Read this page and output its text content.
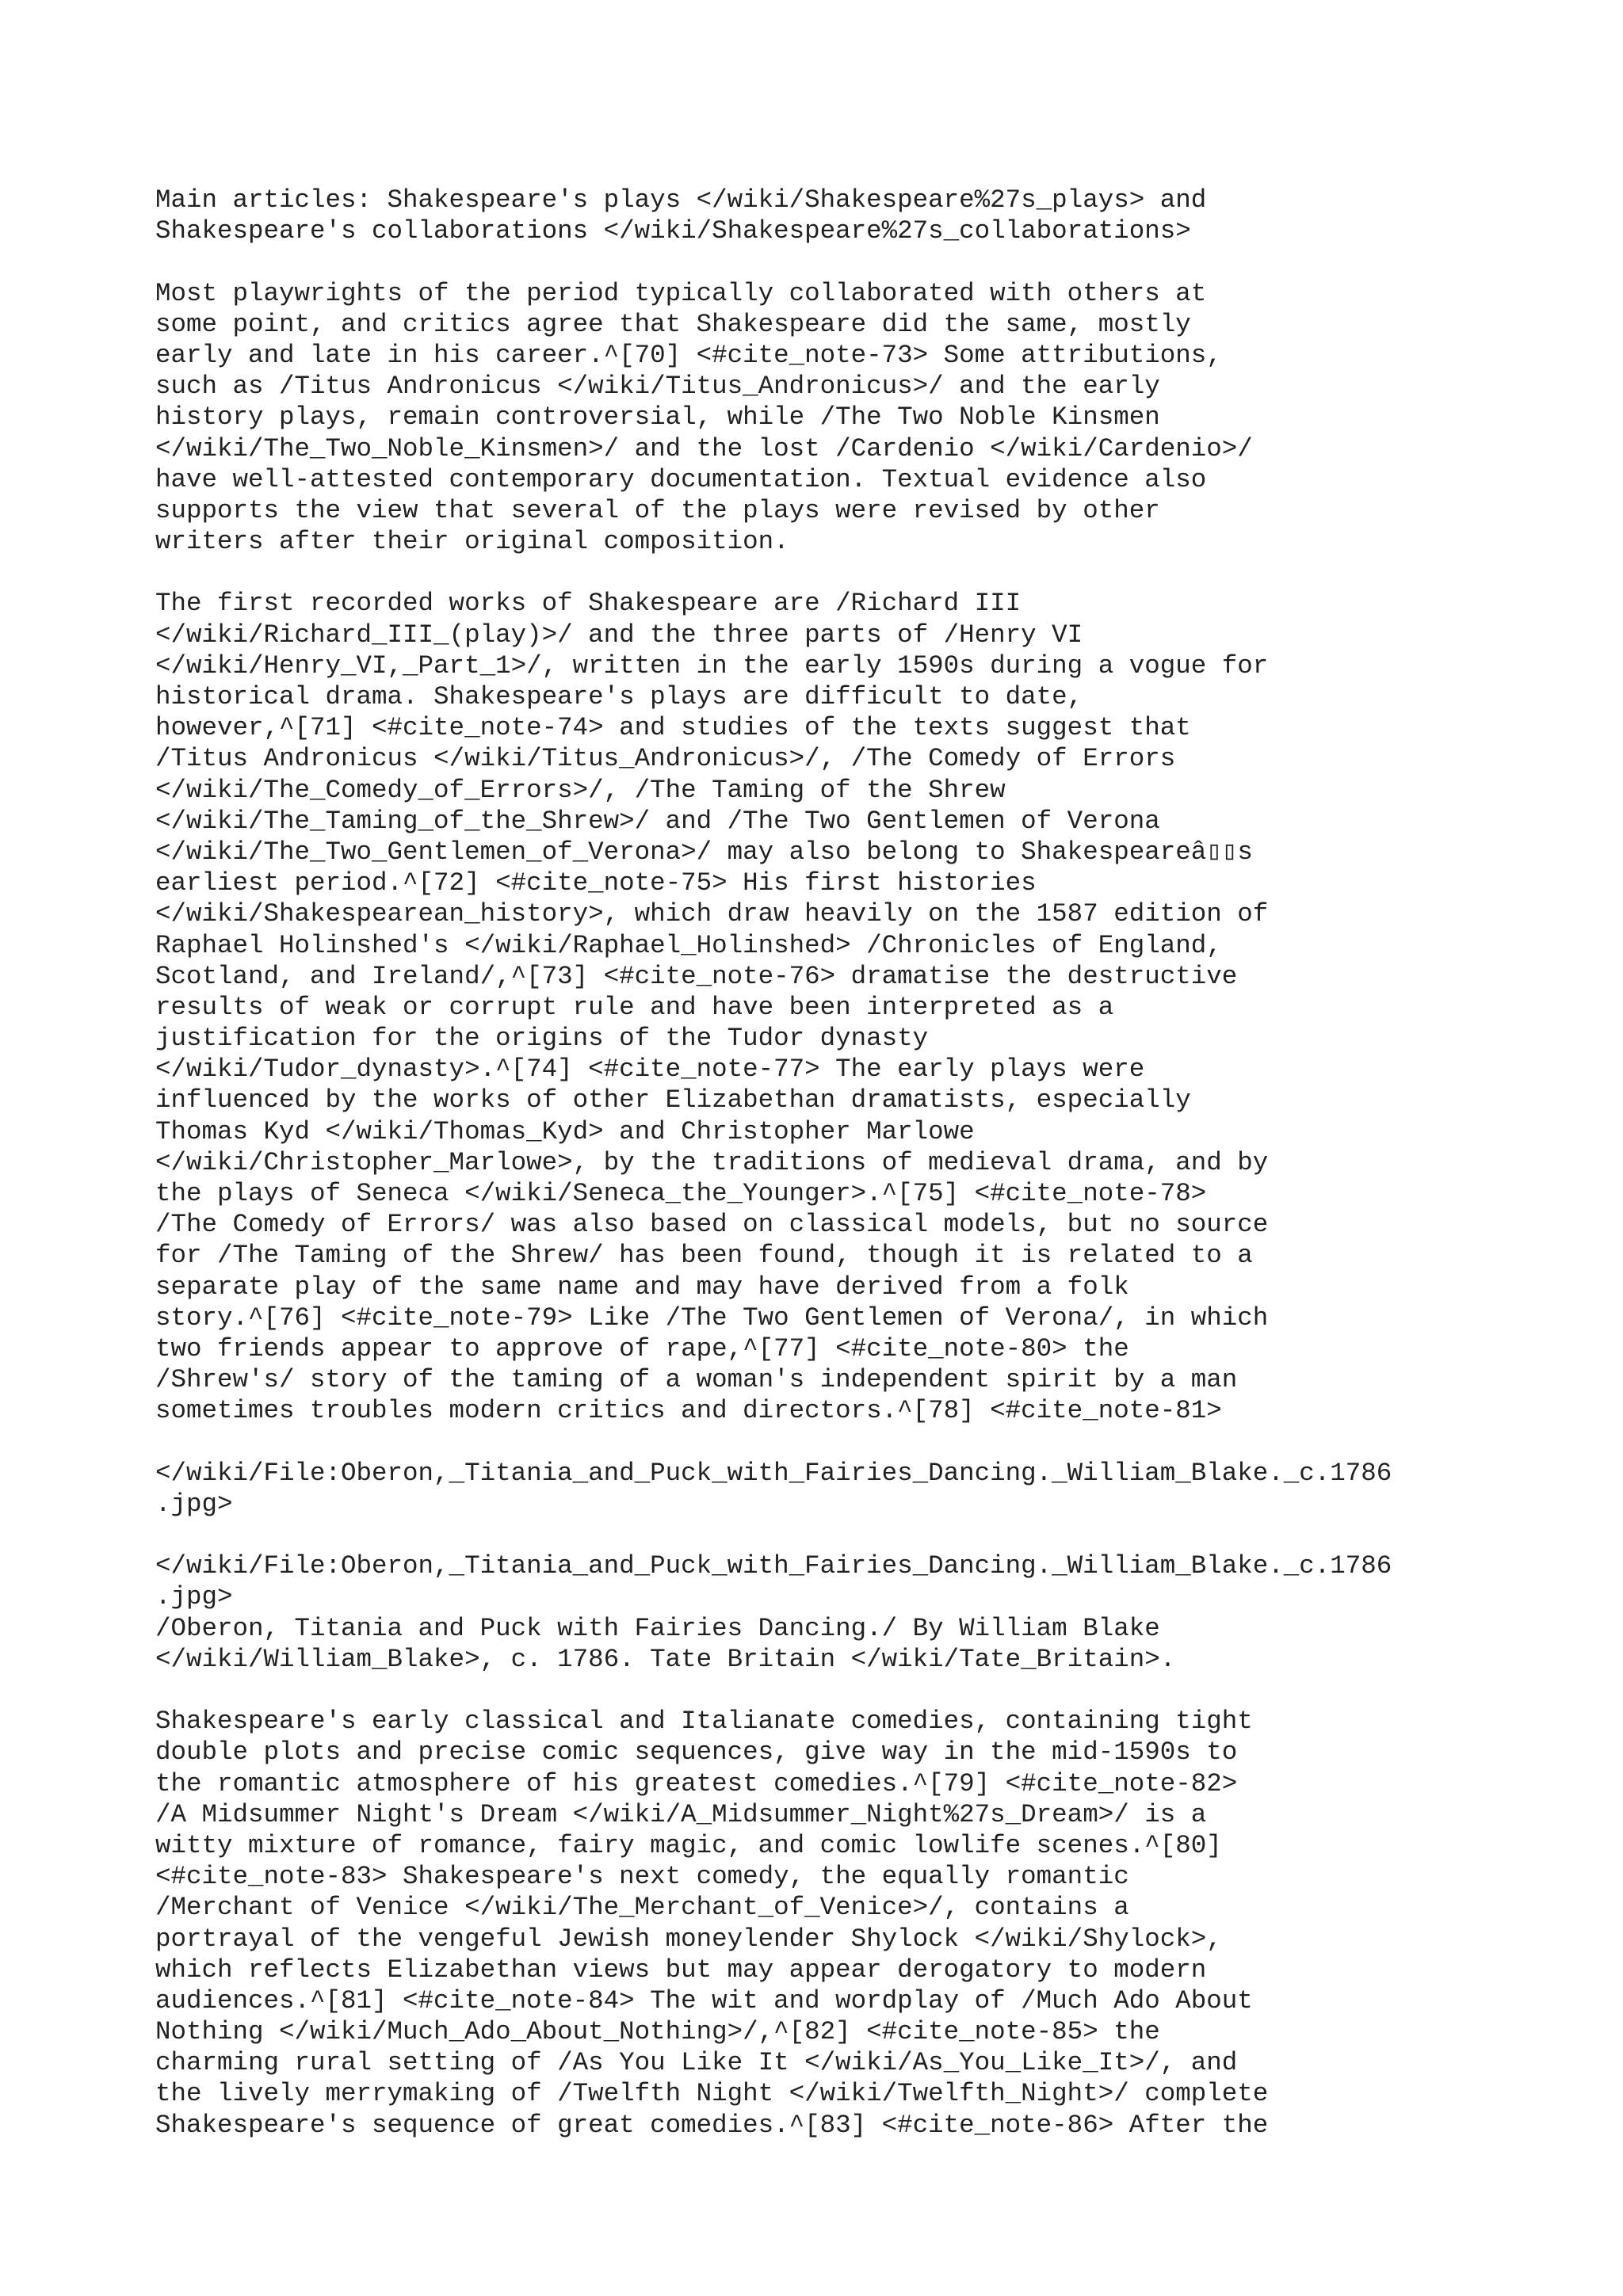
Main articles: Shakespeare's plays </wiki/Shakespeare%27s_plays> and
Shakespeare's collaborations </wiki/Shakespeare%27s_collaborations>
Most playwrights of the period typically collaborated with others at
some point, and critics agree that Shakespeare did the same, mostly
early and late in his career.^[70] <#cite_note-73> Some attributions,
such as /Titus Andronicus </wiki/Titus_Andronicus>/ and the early
history plays, remain controversial, while /The Two Noble Kinsmen
</wiki/The_Two_Noble_Kinsmen>/ and the lost /Cardenio </wiki/Cardenio>/
have well-attested contemporary documentation. Textual evidence also
supports the view that several of the plays were revised by other
writers after their original composition.
The first recorded works of Shakespeare are /Richard III
</wiki/Richard_III_(play)>/ and the three parts of /Henry VI
</wiki/Henry_VI,_Part_1>/, written in the early 1590s during a vogue for
historical drama. Shakespeare's plays are difficult to date,
however,^[71] <#cite_note-74> and studies of the texts suggest that
/Titus Andronicus </wiki/Titus_Andronicus>/, /The Comedy of Errors
</wiki/The_Comedy_of_Errors>/, /The Taming of the Shrew
</wiki/The_Taming_of_the_Shrew>/ and /The Two Gentlemen of Verona
</wiki/The_Two_Gentlemen_of_Verona>/ may also belong to Shakespeareâ▯▯s
earliest period.^[72] <#cite_note-75> His first histories
</wiki/Shakespearean_history>, which draw heavily on the 1587 edition of
Raphael Holinshed's </wiki/Raphael_Holinshed> /Chronicles of England,
Scotland, and Ireland/,^[73] <#cite_note-76> dramatise the destructive
results of weak or corrupt rule and have been interpreted as a
justification for the origins of the Tudor dynasty
</wiki/Tudor_dynasty>.^[74] <#cite_note-77> The early plays were
influenced by the works of other Elizabethan dramatists, especially
Thomas Kyd </wiki/Thomas_Kyd> and Christopher Marlowe
</wiki/Christopher_Marlowe>, by the traditions of medieval drama, and by
the plays of Seneca </wiki/Seneca_the_Younger>.^[75] <#cite_note-78>
/The Comedy of Errors/ was also based on classical models, but no source
for /The Taming of the Shrew/ has been found, though it is related to a
separate play of the same name and may have derived from a folk
story.^[76] <#cite_note-79> Like /The Two Gentlemen of Verona/, in which
two friends appear to approve of rape,^[77] <#cite_note-80> the
/Shrew's/ story of the taming of a woman's independent spirit by a man
sometimes troubles modern critics and directors.^[78] <#cite_note-81>
</wiki/File:Oberon,_Titania_and_Puck_with_Fairies_Dancing._William_Blake._c.1786
.jpg>
</wiki/File:Oberon,_Titania_and_Puck_with_Fairies_Dancing._William_Blake._c.1786
.jpg>
/Oberon, Titania and Puck with Fairies Dancing./ By William Blake
</wiki/William_Blake>, c. 1786. Tate Britain </wiki/Tate_Britain>.
Shakespeare's early classical and Italianate comedies, containing tight
double plots and precise comic sequences, give way in the mid-1590s to
the romantic atmosphere of his greatest comedies.^[79] <#cite_note-82>
/A Midsummer Night's Dream </wiki/A_Midsummer_Night%27s_Dream>/ is a
witty mixture of romance, fairy magic, and comic lowlife scenes.^[80]
<#cite_note-83> Shakespeare's next comedy, the equally romantic
/Merchant of Venice </wiki/The_Merchant_of_Venice>/, contains a
portrayal of the vengeful Jewish moneylender Shylock </wiki/Shylock>,
which reflects Elizabethan views but may appear derogatory to modern
audiences.^[81] <#cite_note-84> The wit and wordplay of /Much Ado About
Nothing </wiki/Much_Ado_About_Nothing>/,^[82] <#cite_note-85> the
charming rural setting of /As You Like It </wiki/As_You_Like_It>/, and
the lively merrymaking of /Twelfth Night </wiki/Twelfth_Night>/ complete
Shakespeare's sequence of great comedies.^[83] <#cite_note-86> After the
